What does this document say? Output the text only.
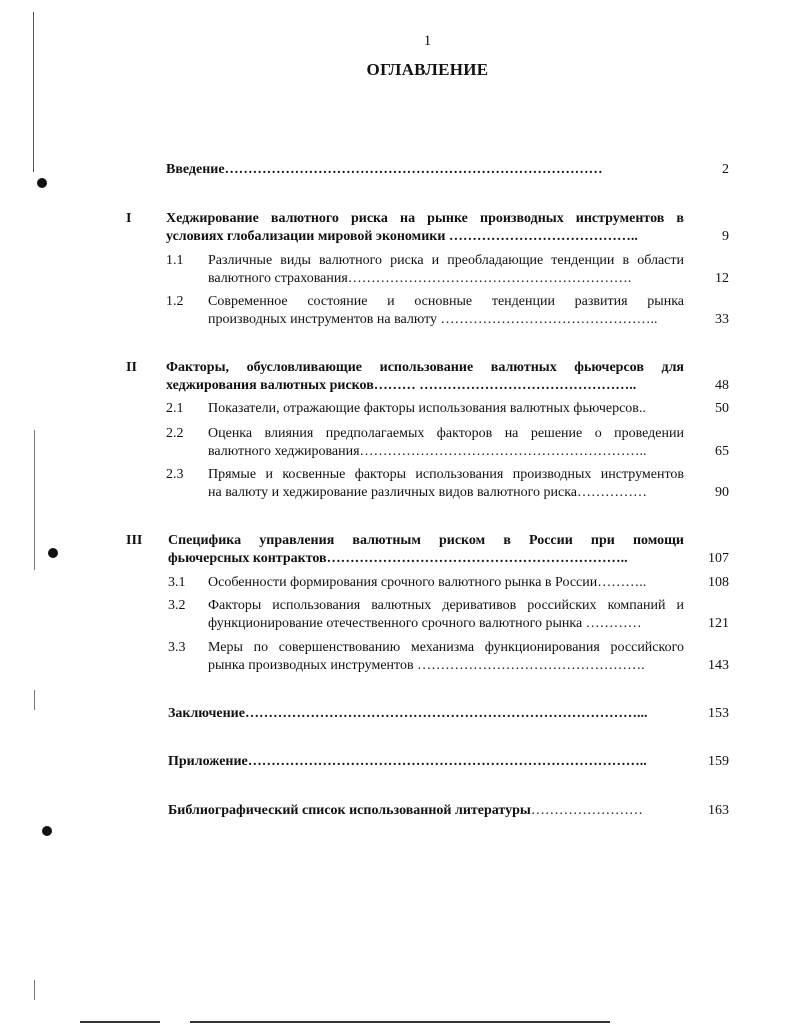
1
ОГЛАВЛЕНИЕ
Введение………………………………………………………………………	2
I Хеджирование валютного риска на рынке производных инструментов в
условиях глобализации мировой экономики …………………………………..	9
1.1 Различные виды валютного риска и преобладающие тенденции в области
валютного страхования…………………………………………………….	12
1.2 Современное состояние и основные тенденции развития рынка
производных инструментов на валюту ………………………………………..	33
II Факторы, обусловливающие использование валютных фьючерсов для
хеджирования валютных рисков……… ………………………………………..	48
2.1 Показатели, отражающие факторы использования валютных фьючерсов..	50
2.2 Оценка влияния предполагаемых факторов на решение о проведении
валютного хеджирования……………………………………………………..	65
2.3 Прямые и косвенные факторы использования производных инструментов
на валюту и хеджирование различных видов валютного риска……………	90
III Специфика управления валютным риском в России при помощи
фьючерсных контрактов………………………………………………………..	107
3.1 Особенности формирования срочного валютного рынка в России………..	108
3.2 Факторы использования валютных деривативов российских компаний и
функционирование отечественного срочного валютного рынка …………	121
3.3 Меры по совершенствованию механизма функционирования российского
рынка производных инструментов ………………………………………….	143
Заключение…………………………………………………………………………...	153
Приложение…………………………………………………………………………..	159
Библиографический список использованной литературы……………………	163
